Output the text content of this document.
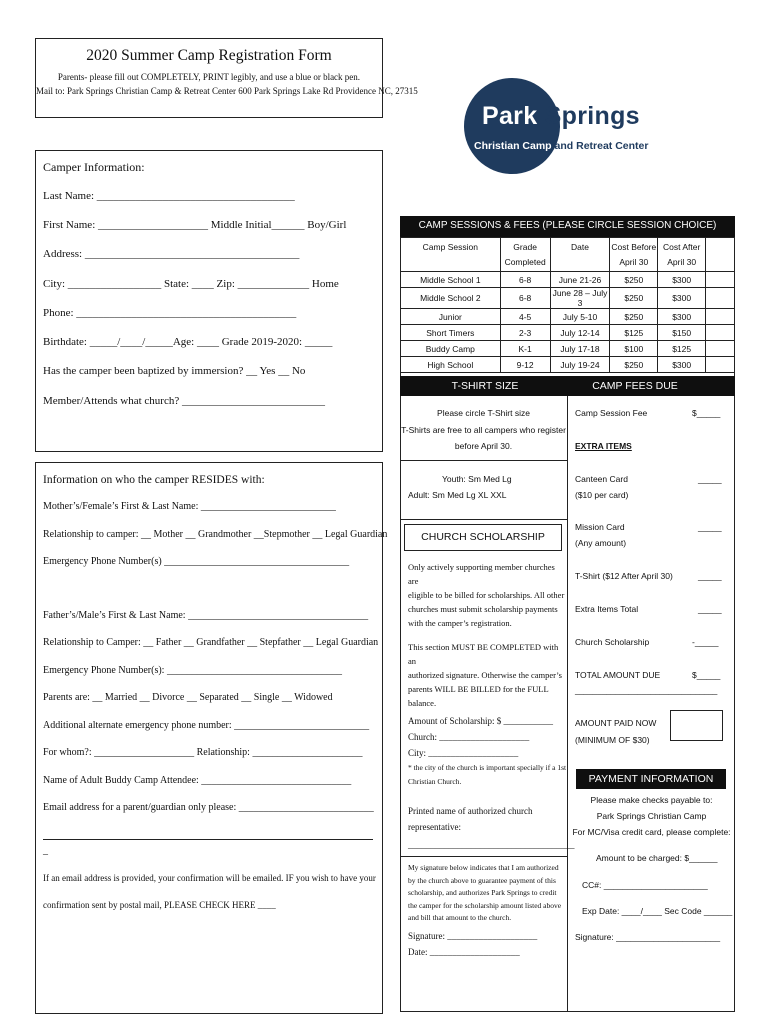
2020 Summer Camp Registration Form
Parents- please fill out COMPLETELY, PRINT legibly, and use a blue or black pen.
Mail to: Park Springs Christian Camp & Retreat Center 600 Park Springs Lake Rd Providence NC, 27315
Park Springs
Christian Camp and Retreat Center
Camper Information:
Last Name: ____________________________________
First Name: ____________________ Middle Initial______ Boy/Girl
Address: _______________________________________
City: _________________ State: ____ Zip: _____________ Home
Phone: ________________________________________
Birthdate: _____/____/_____Age: ____ Grade 2019-2020: _____
Has the camper been baptized by immersion? __ Yes __ No
Member/Attends what church? __________________________
Information on who the camper RESIDES with:
Mother’s/Female’s First & Last Name: ___________________________
Relationship to camper: __ Mother __ Grandmother __Stepmother __ Legal Guardian
Emergency Phone Number(s) _____________________________________
Father’s/Male’s First & Last Name: ____________________________________
Relationship to Camper: __ Father __ Grandfather __ Stepfather __ Legal Guardian
Emergency Phone Number(s): ___________________________________
Parents are: __ Married __ Divorce __ Separated __ Single __ Widowed
Additional alternate emergency phone number: ___________________________
For whom?: ____________________ Relationship: ______________________
Name of Adult Buddy Camp Attendee: ______________________________
Email address for a parent/guardian only please: ___________________________
_
If an email address is provided, your confirmation will be emailed. IF you wish to have your
confirmation sent by postal mail, PLEASE CHECK HERE ____
CAMP SESSIONS & FEES (PLEASE CIRCLE SESSION CHOICE)
Camp Session	Grade Completed	Date	Cost Before April 30	Cost After April 30	
Middle School 1	6-8	June 21-26	$250	$300	
Middle School 2	6-8	June 28 – July 3	$250	$300	
Junior	4-5	July 5-10	$250	$300	
Short Timers	2-3	July 12-14	$125	$150	
Buddy Camp	K-1	July 17-18	$100	$125	
High School	9-12	July 19-24	$250	$300	
T-SHIRT SIZE	CAMP FEES DUE
Please circle T-Shirt size
T-Shirts are free to all campers who register
before April 30.
Youth: Sm Med Lg
Adult: Sm Med Lg XL XXL
CHURCH SCHOLARSHIP
Only actively supporting member churches are
eligible to be billed for scholarships. All other
churches must submit scholarship payments
with the camper’s registration.
This section MUST BE COMPLETED with an
authorized signature. Otherwise the camper’s
parents WILL BE BILLED for the FULL
balance.
Amount of Scholarship: $ ___________
Church: ____________________
City: ____________________
* the city of the church is important specially if a 1st
Christian Church.
Printed name of authorized church
representative:
_____________________________________
My signature below indicates that I am authorized
by the church above to guarantee payment of this
scholarship, and authorizes Park Springs to credit
the camper for the scholarship amount listed above
and bill that amount to the church.
Signature: ____________________
Date: ____________________
Camp Session Fee	$_____
EXTRA ITEMS
Canteen Card
($10 per card)
_____
Mission Card
(Any amount)
_____
T-Shirt ($12 After April 30)	_____
Extra Items Total	_____
Church Scholarship	-_____
TOTAL AMOUNT DUE	$_____
________________________________
AMOUNT PAID NOW
(MINIMUM OF $30)
PAYMENT INFORMATION
Please make checks payable to:
Park Springs Christian Camp
For MC/Visa credit card, please complete:
Amount to be charged: $______
CC#: ______________________
Exp Date: ____/____ Sec Code ______
Signature: ______________________
